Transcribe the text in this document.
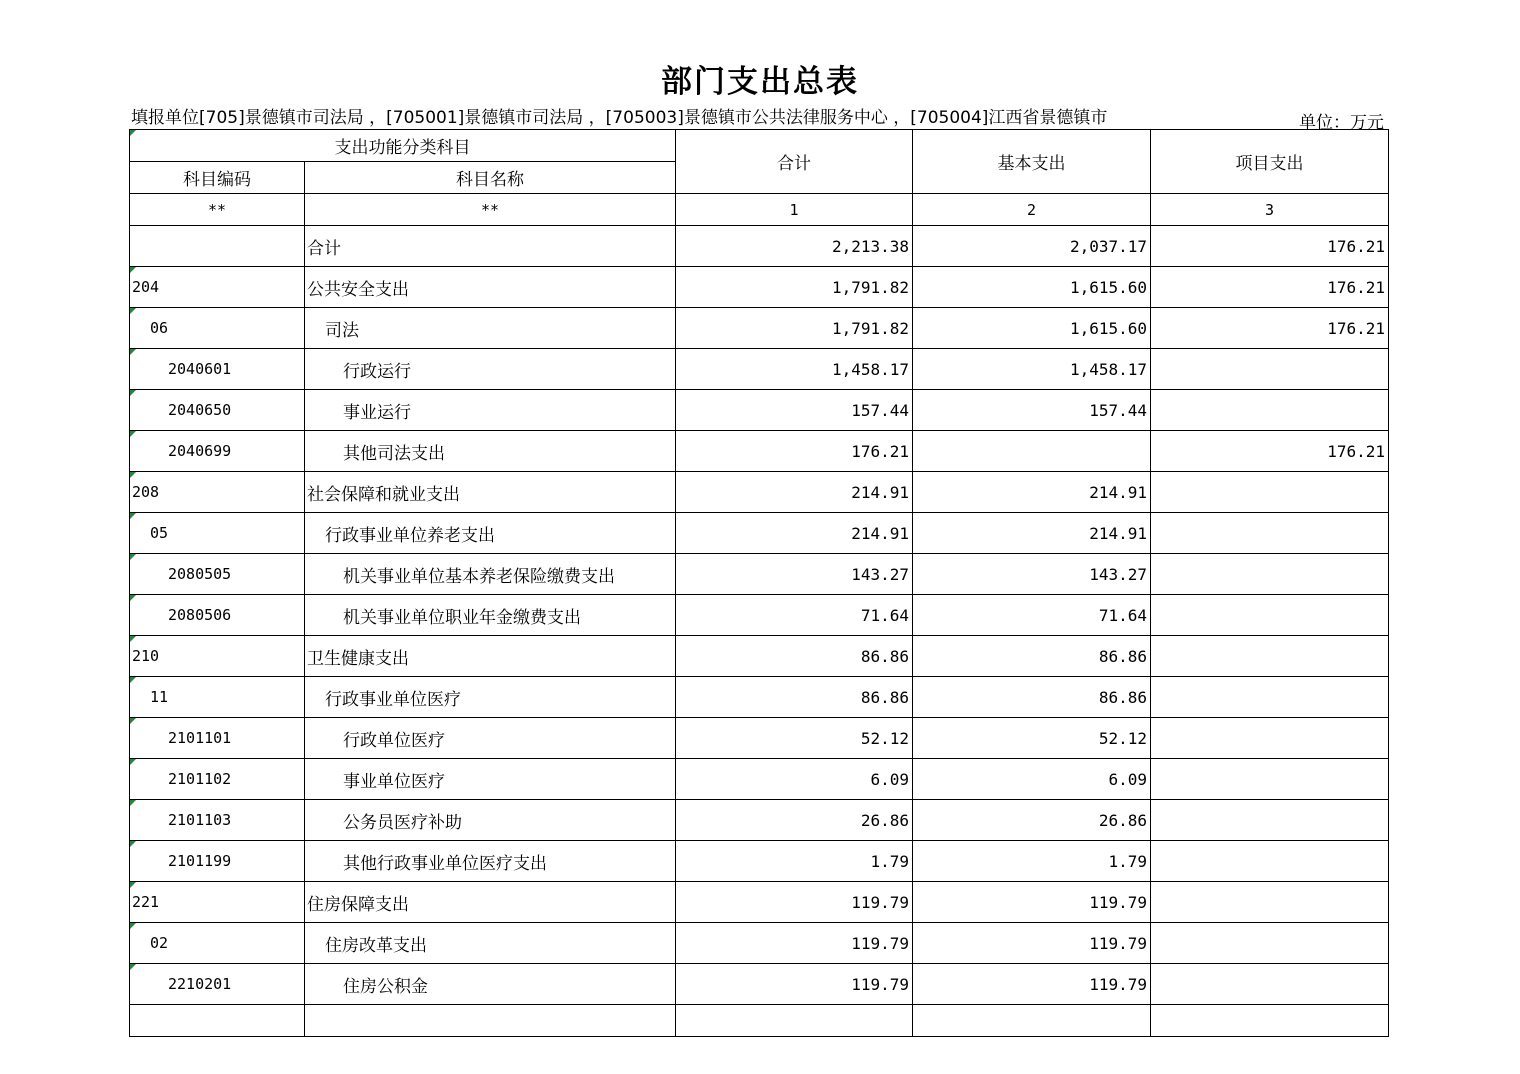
部门支出总表
填报单位[705]景德镇市司法局 ，[705001]景德镇市司法局 ，[705003]景德镇市公共法律服务中心 ，[705004]江西省景德镇市	单位：万元
支出功能分类科目		合计	基本支出	项目支出
科目编码	科目名称			
**	**	1	2	3
	合计	2,213.38	2,037.17	176.21
204	公共安全支出	1,791.82	1,615.60	176.21
06	司法	1,791.82	1,615.60	176.21
2040601	行政运行	1,458.17	1,458.17	
2040650	事业运行	157.44	157.44	
2040699	其他司法支出	176.21		176.21
208	社会保障和就业支出	214.91	214.91	
05	行政事业单位养老支出	214.91	214.91	
2080505	机关事业单位基本养老保险缴费支出	143.27	143.27	
2080506	机关事业单位职业年金缴费支出	71.64	71.64	
210	卫生健康支出	86.86	86.86	
11	行政事业单位医疗	86.86	86.86	
2101101	行政单位医疗	52.12	52.12	
2101102	事业单位医疗	6.09	6.09	
2101103	公务员医疗补助	26.86	26.86	
2101199	其他行政事业单位医疗支出	1.79	1.79	
221	住房保障支出	119.79	119.79	
02	住房改革支出	119.79	119.79	
2210201	住房公积金	119.79	119.79	
